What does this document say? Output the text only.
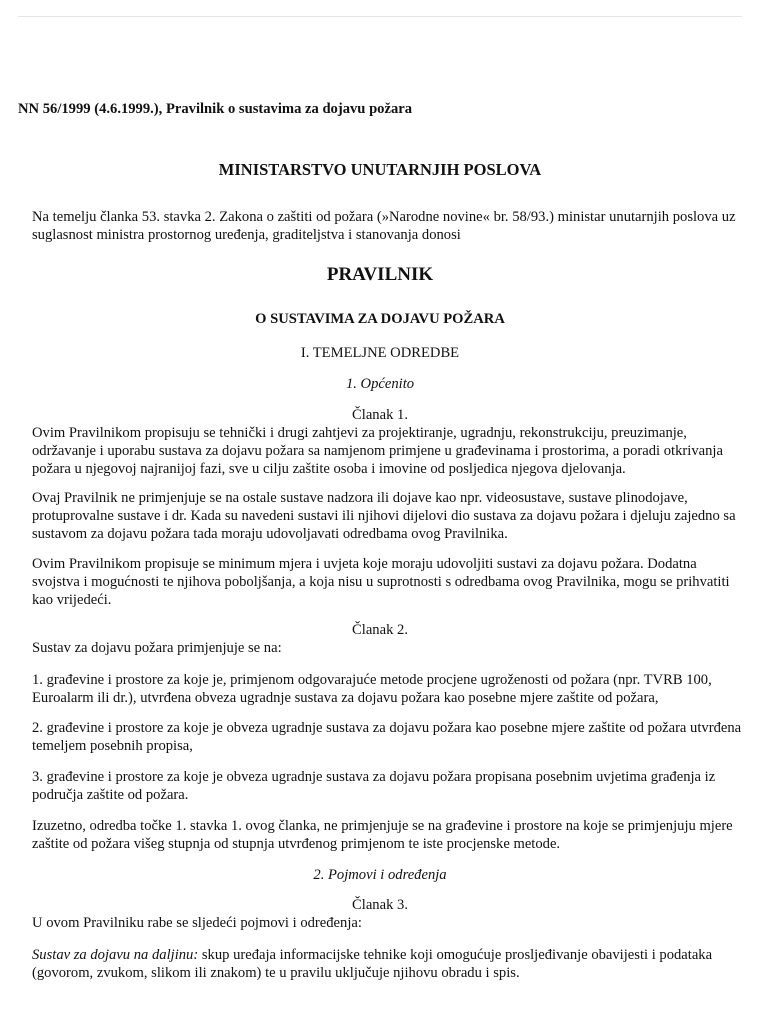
NN 56/1999 (4.6.1999.), Pravilnik o sustavima za dojavu požara
MINISTARSTVO UNUTARNJIH POSLOVA
Na temelju članka 53. stavka 2. Zakona o zaštiti od požara (»Narodne novine« br. 58/93.) ministar unutarnjih poslova uz suglasnost ministra prostornog uređenja, graditeljstva i stanovanja donosi
PRAVILNIK
O SUSTAVIMA ZA DOJAVU POŽARA
I. TEMELJNE ODREDBE
1. Općenito
Članak 1.
Ovim Pravilnikom propisuju se tehnički i drugi zahtjevi za projektiranje, ugradnju, rekonstrukciju, preuzimanje, održavanje i uporabu sustava za dojavu požara sa namjenom primjene u građevinama i prostorima, a poradi otkrivanja požara u njegovoj najranijoj fazi, sve u cilju zaštite osoba i imovine od posljedica njegova djelovanja.
Ovaj Pravilnik ne primjenjuje se na ostale sustave nadzora ili dojave kao npr. videosustave, sustave plinodojave, protuprovalne sustave i dr. Kada su navedeni sustavi ili njihovi dijelovi dio sustava za dojavu požara i djeluju zajedno sa sustavom za dojavu požara tada moraju udovoljavati odredbama ovog Pravilnika.
Ovim Pravilnikom propisuje se minimum mjera i uvjeta koje moraju udovoljiti sustavi za dojavu požara. Dodatna svojstva i mogućnosti te njihova poboljšanja, a koja nisu u suprotnosti s odredbama ovog Pravilnika, mogu se prihvatiti kao vrijedeći.
Članak 2.
Sustav za dojavu požara primjenjuje se na:
1. građevine i prostore za koje je, primjenom odgovarajuće metode procjene ugroženosti od požara (npr. TVRB 100, Euroalarm ili dr.), utvrđena obveza ugradnje sustava za dojavu požara kao posebne mjere zaštite od požara,
2. građevine i prostore za koje je obveza ugradnje sustava za dojavu požara kao posebne mjere zaštite od požara utvrđena temeljem posebnih propisa,
3. građevine i prostore za koje je obveza ugradnje sustava za dojavu požara propisana posebnim uvjetima građenja iz područja zaštite od požara.
Izuzetno, odredba točke 1. stavka 1. ovog članka, ne primjenjuje se na građevine i prostore na koje se primjenjuju mjere zaštite od požara višeg stupnja od stupnja utvrđenog primjenom te iste procjenske metode.
2. Pojmovi i određenja
Članak 3.
U ovom Pravilniku rabe se sljedeći pojmovi i određenja:
Sustav za dojavu na daljinu: skup uređaja informacijske tehnike koji omogućuje prosljeđivanje obavijesti i podataka (govorom, zvukom, slikom ili znakom) te u pravilu uključuje njihovu obradu i spis.
